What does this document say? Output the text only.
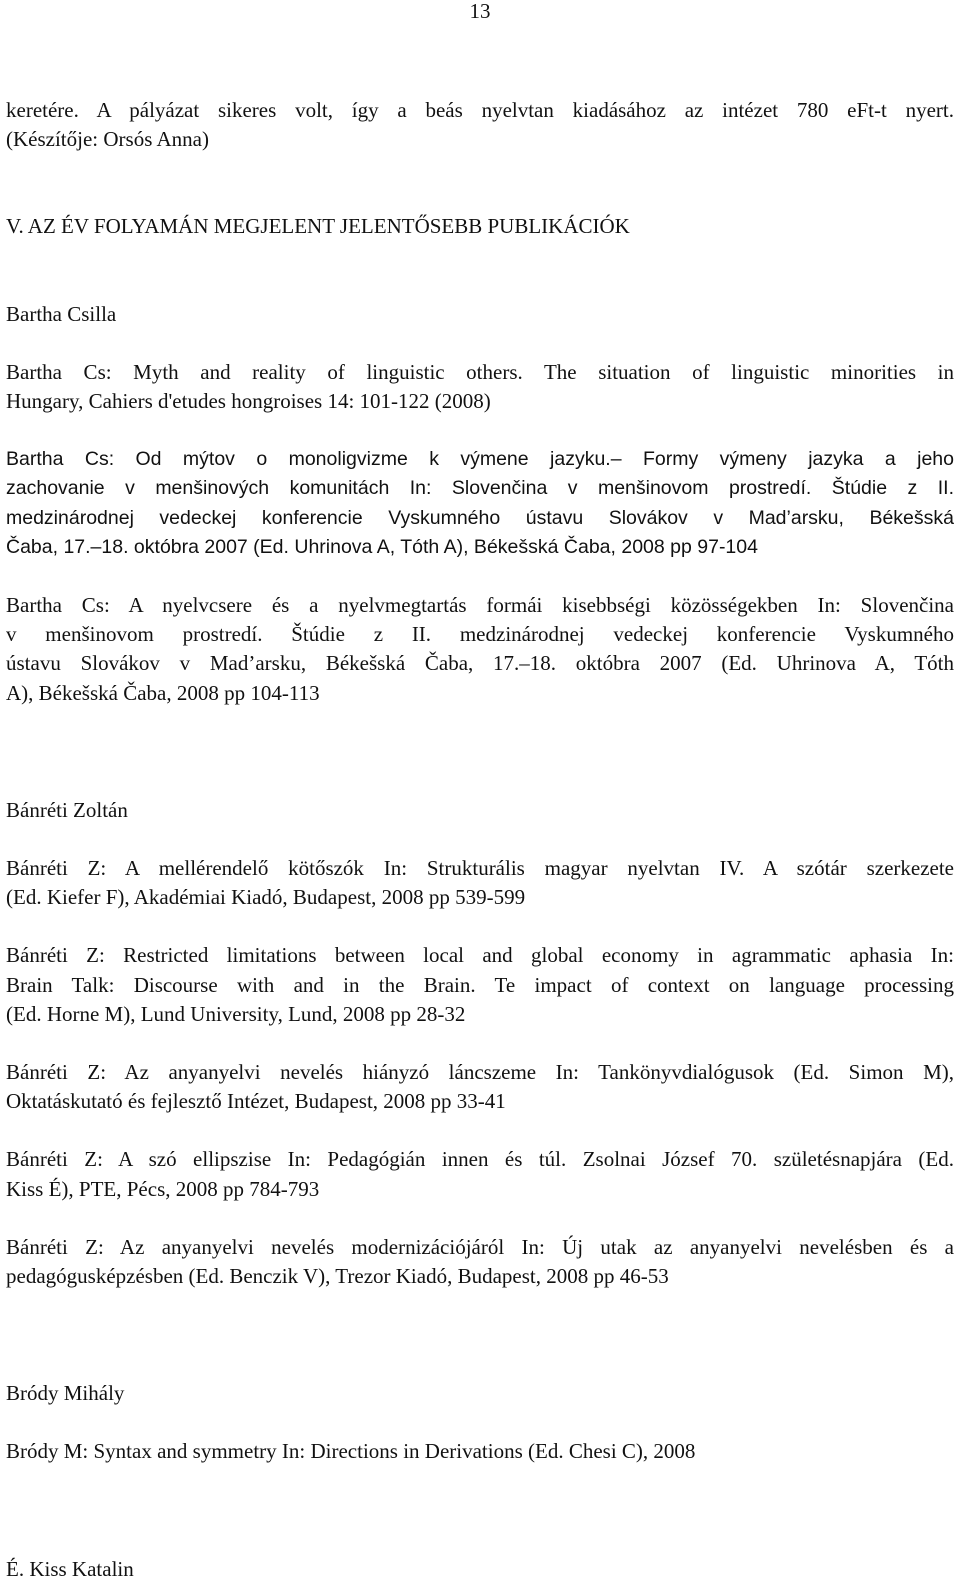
13

keretére. A pályázat sikeres volt, így a beás nyelvtan kiadásához az intézet 780 eFt-t nyert.
(Készítője: Orsós Anna)

V. AZ ÉV FOLYAMÁN MEGJELENT JELENTŐSEBB PUBLIKÁCIÓK

Bartha Csilla

Bartha Cs: Myth and reality of linguistic others. The situation of linguistic minorities in
Hungary, Cahiers d'etudes hongroises 14: 101-122 (2008)

Bartha Cs: Od mýtov o monoligvizme k výmene jazyku.– Formy výmeny jazyka a jeho
zachovanie v menšinových komunitách In: Slovenčina v menšinovom prostredí. Štúdie z II.
medzinárodnej vedeckej konferencie Vyskumného ústavu Slovákov v Mad’arsku, Békešská
Čaba, 17.–18. októbra 2007 (Ed. Uhrinova A, Tóth A), Békešská Čaba, 2008 pp 97-104

Bartha Cs: A nyelvcsere és a nyelvmegtartás formái kisebbségi közösségekben In: Slovenčina
v menšinovom prostredí. Štúdie z II. medzinárodnej vedeckej konferencie Vyskumného
ústavu Slovákov v Mad’arsku, Békešská Čaba, 17.–18. októbra 2007 (Ed. Uhrinova A, Tóth
A), Békešská Čaba, 2008 pp 104-113

Bánréti Zoltán

Bánréti Z: A mellérendelő kötőszók In: Strukturális magyar nyelvtan IV. A szótár szerkezete
(Ed. Kiefer F), Akadémiai Kiadó, Budapest, 2008 pp 539-599

Bánréti Z: Restricted limitations between local and global economy in agrammatic aphasia In:
Brain Talk: Discourse with and in the Brain. Te impact of context on language processing
(Ed. Horne M), Lund University, Lund, 2008 pp 28-32

Bánréti Z: Az anyanyelvi nevelés hiányzó láncszeme In: Tankönyvdialógusok (Ed. Simon M),
Oktatáskutató és fejlesztő Intézet, Budapest, 2008 pp 33-41

Bánréti Z: A szó ellipszise In: Pedagógián innen és túl. Zsolnai József 70. születésnapjára (Ed.
Kiss É), PTE, Pécs, 2008 pp 784-793

Bánréti Z: Az anyanyelvi nevelés modernizációjáról In: Új utak az anyanyelvi nevelésben és a
pedagógusképzésben (Ed. Benczik V), Trezor Kiadó, Budapest, 2008 pp 46-53

Bródy Mihály

Bródy M: Syntax and symmetry In: Directions in Derivations (Ed. Chesi C), 2008

É. Kiss Katalin
